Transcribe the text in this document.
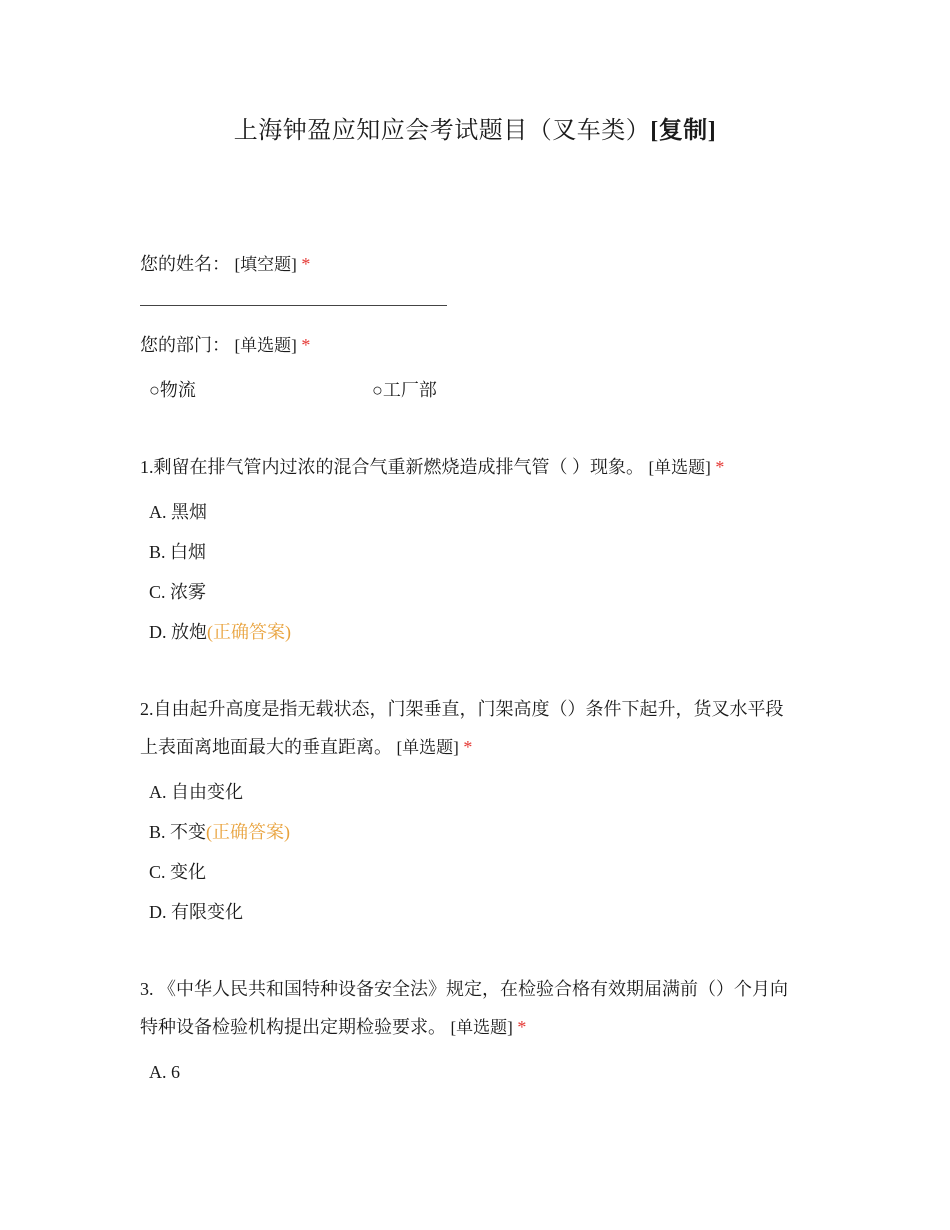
上海钟盈应知应会考试题目（叉车类）[复制]
您的姓名： [填空题] *
您的部门： [单选题] *
○物流	○工厂部
1.剩留在排气管内过浓的混合气重新燃烧造成排气管（ ）现象。 [单选题] *
A. 黑烟
B. 白烟
C. 浓雾
D. 放炮(正确答案)
2.自由起升高度是指无载状态，门架垂直，门架高度（）条件下起升，货叉水平段
上表面离地面最大的垂直距离。 [单选题] *
A. 自由变化
B. 不变(正确答案)
C. 变化
D. 有限变化
3. 《中华人民共和国特种设备安全法》规定，在检验合格有效期届满前（）个月向
特种设备检验机构提出定期检验要求。 [单选题] *
A. 6
